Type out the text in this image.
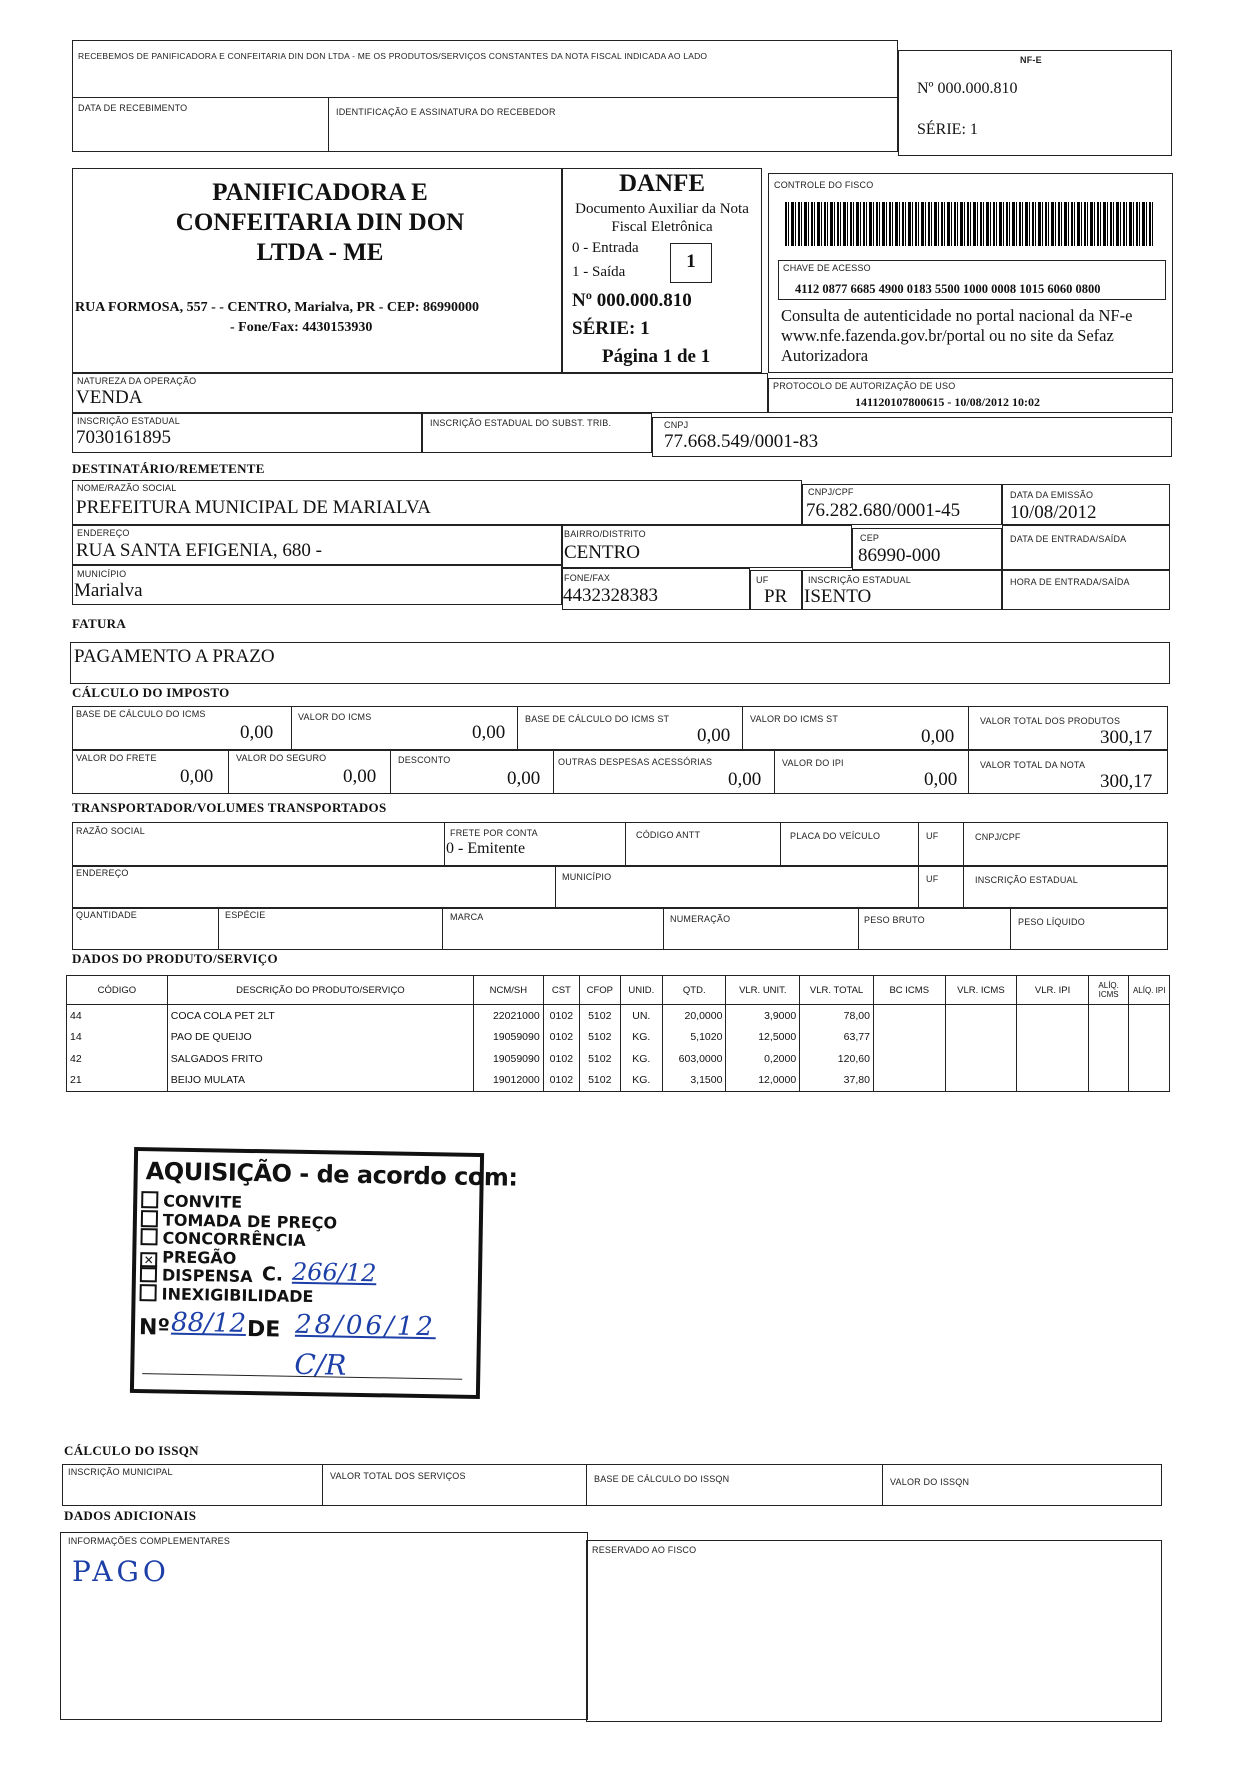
RECEBEMOS DE PANIFICADORA E CONFEITARIA DIN DON LTDA - ME OS PRODUTOS/SERVIÇOS CONSTANTES DA NOTA FISCAL INDICADA AO LADO
DATA DE RECEBIMENTO	IDENTIFICAÇÃO E ASSINATURA DO RECEBEDOR
NF-E
Nº 000.000.810
SÉRIE: 1
PANIFICADORA E CONFEITARIA DIN DON LTDA - ME
RUA FORMOSA, 557 - - CENTRO, Marialva, PR - CEP: 86990000
- Fone/Fax: 4430153930
DANFE
Documento Auxiliar da Nota Fiscal Eletrônica
0 - Entrada
1 - Saída	1
Nº 000.000.810
SÉRIE: 1
Página 1 de 1
CONTROLE DO FISCO
CHAVE DE ACESSO
4112 0877 6685 4900 0183 5500 1000 0008 1015 6060 0800
Consulta de autenticidade no portal nacional da NF-e www.nfe.fazenda.gov.br/portal ou no site da Sefaz Autorizadora
NATUREZA DA OPERAÇÃO
VENDA
PROTOCOLO DE AUTORIZAÇÃO DE USO
141120107800615 - 10/08/2012 10:02
INSCRIÇÃO ESTADUAL
7030161895
INSCRIÇÃO ESTADUAL DO SUBST. TRIB.	CNPJ
77.668.549/0001-83
DESTINATÁRIO/REMETENTE
NOME/RAZÃO SOCIAL
PREFEITURA MUNICIPAL DE MARIALVA
CNPJ/CPF
76.282.680/0001-45
DATA DA EMISSÃO
10/08/2012
ENDEREÇO
RUA SANTA EFIGENIA, 680 -
BAIRRO/DISTRITO
CENTRO
CEP
86990-000
DATA DE ENTRADA/SAÍDA
MUNICÍPIO
Marialva
FONE/FAX
4432328383
UF
PR
INSCRIÇÃO ESTADUAL
ISENTO
HORA DE ENTRADA/SAÍDA
FATURA
PAGAMENTO A PRAZO
CÁLCULO DO IMPOSTO
BASE DE CÁLCULO DO ICMS
0,00
VALOR DO ICMS
0,00
BASE DE CÁLCULO DO ICMS ST
0,00
VALOR DO ICMS ST
0,00
VALOR TOTAL DOS PRODUTOS
300,17
VALOR DO FRETE
0,00
VALOR DO SEGURO
0,00
DESCONTO
0,00
OUTRAS DESPESAS ACESSÓRIAS
0,00
VALOR DO IPI
0,00
VALOR TOTAL DA NOTA
300,17
TRANSPORTADOR/VOLUMES TRANSPORTADOS
RAZÃO SOCIAL	FRETE POR CONTA
0 - Emitente
CÓDIGO ANTT	PLACA DO VEÍCULO	UF	CNPJ/CPF
ENDEREÇO	MUNICÍPIO	UF	INSCRIÇÃO ESTADUAL
QUANTIDADE	ESPÉCIE	MARCA	NUMERAÇÃO	PESO BRUTO	PESO LÍQUIDO
DADOS DO PRODUTO/SERVIÇO
CÓDIGO	DESCRIÇÃO DO PRODUTO/SERVIÇO	NCM/SH	CST	CFOP	UNID.	QTD.	VLR. UNIT.	VLR. TOTAL	BC ICMS	VLR. ICMS	VLR. IPI	ALÍQ. ICMS	ALÍQ. IPI
44	COCA COLA PET 2LT	22021000	0102	5102	UN.	20,0000	3,9000	78,00					
14	PAO DE QUEIJO	19059090	0102	5102	KG.	5,1020	12,5000	63,77					
42	SALGADOS FRITO	19059090	0102	5102	KG.	603,0000	0,2000	120,60					
21	BEIJO MULATA	19012000	0102	5102	KG.	3,1500	12,0000	37,80					
AQUISIÇÃO - de acordo com:
CONVITE
TOMADA DE PREÇO
CONCORRÊNCIA
✕ PREGÃO
DISPENSA
INEXIGIBILIDADE
C. 266/12
Nº 88/12 DE 28/06/12
C/R
CÁLCULO DO ISSQN
INSCRIÇÃO MUNICIPAL	VALOR TOTAL DOS SERVIÇOS	BASE DE CÁLCULO DO ISSQN	VALOR DO ISSQN
DADOS ADICIONAIS
INFORMAÇÕES COMPLEMENTARES
PAGO
RESERVADO AO FISCO
